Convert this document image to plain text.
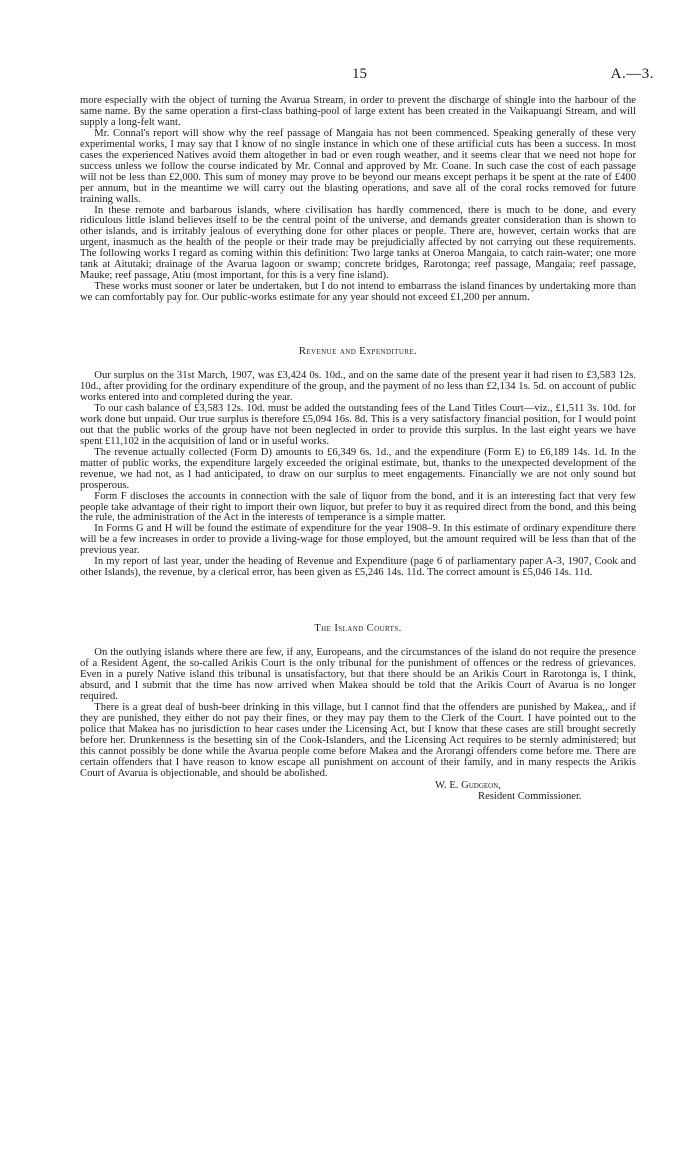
15	A.—3.

more especially with the object of turning the Avarua Stream, in order to prevent the discharge of shingle into the harbour of the same name. By the same operation a first-class bathing-pool of large extent has been created in the Vaikapuangi Stream, and will supply a long-felt want.

Mr. Connal's report will show why the reef passage of Mangaia has not been commenced. Speaking generally of these very experimental works, I may say that I know of no single instance in which one of these artificial cuts has been a success. In most cases the experienced Natives avoid them altogether in bad or even rough weather, and it seems clear that we need not hope for success unless we follow the course indicated by Mr. Connal and approved by Mr. Coane. In such case the cost of each passage will not be less than £2,000. This sum of money may prove to be beyond our means except perhaps it be spent at the rate of £400 per annum, but in the meantime we will carry out the blasting operations, and save all of the coral rocks removed for future training walls.

In these remote and barbarous islands, where civilisation has hardly commenced, there is much to be done, and every ridiculous little island believes itself to be the central point of the universe, and demands greater consideration than is shown to other islands, and is irritably jealous of everything done for other places or people. There are, however, certain works that are urgent, inasmuch as the health of the people or their trade may be prejudicially affected by not carrying out these requirements. The following works I regard as coming within this definition: Two large tanks at Oneroa Mangaia, to catch rain-water; one more tank at Aitutaki; drainage of the Avarua lagoon or swamp; concrete bridges, Rarotonga; reef passage, Mangaia; reef passage, Mauke; reef passage, Atiu (most important, for this is a very fine island).

These works must sooner or later be undertaken, but I do not intend to embarrass the island finances by undertaking more than we can comfortably pay for. Our public-works estimate for any year should not exceed £1,200 per annum.

Revenue and Expenditure.

Our surplus on the 31st March, 1907, was £3,424 0s. 10d., and on the same date of the present year it had risen to £3,583 12s. 10d., after providing for the ordinary expenditure of the group, and the payment of no less than £2,134 1s. 5d. on account of public works entered into and completed during the year.

To our cash balance of £3,583 12s. 10d. must be added the outstanding fees of the Land Titles Court—viz., £1,511 3s. 10d. for work done but unpaid. Our true surplus is therefore £5,094 16s. 8d. This is a very satisfactory financial position, for I would point out that the public works of the group have not been neglected in order to provide this surplus. In the last eight years we have spent £11,102 in the acquisition of land or in useful works.

The revenue actually collected (Form D) amounts to £6,349 6s. 1d., and the expenditure (Form E) to £6,189 14s. 1d. In the matter of public works, the expenditure largely exceeded the original estimate, but, thanks to the unexpected development of the revenue, we had not, as I had anticipated, to draw on our surplus to meet engagements. Financially we are not only sound but prosperous.

Form F discloses the accounts in connection with the sale of liquor from the bond, and it is an interesting fact that very few people take advantage of their right to import their own liquor, but prefer to buy it as required direct from the bond, and this being the rule, the administration of the Act in the interests of temperance is a simple matter.

In Forms G and H will be found the estimate of expenditure for the year 1908–9. In this estimate of ordinary expenditure there will be a few increases in order to provide a living-wage for those employed, but the amount required will be less than that of the previous year.

In my report of last year, under the heading of Revenue and Expenditure (page 6 of parliamentary paper A-3, 1907, Cook and other Islands), the revenue, by a clerical error, has been given as £5,246 14s. 11d. The correct amount is £5,046 14s. 11d.

The Island Courts.

On the outlying islands where there are few, if any, Europeans, and the circumstances of the island do not require the presence of a Resident Agent, the so-called Arikis Court is the only tribunal for the punishment of offences or the redress of grievances. Even in a purely Native island this tribunal is unsatisfactory, but that there should be an Arikis Court in Rarotonga is, I think, absurd, and I submit that the time has now arrived when Makea should be told that the Arikis Court of Avarua is no longer required.

There is a great deal of bush-beer drinking in this village, but I cannot find that the offenders are punished by Makea,, and if they are punished, they either do not pay their fines, or they may pay them to the Clerk of the Court. I have pointed out to the police that Makea has no jurisdiction to hear cases under the Licensing Act, but I know that these cases are still brought secretly before her. Drunkenness is the besetting sin of the Cook-Islanders, and the Licensing Act requires to be sternly administered; but this cannot possibly be done while the Avarua people come before Makea and the Arorangi offenders come before me. There are certain offenders that I have reason to know escape all punishment on account of their family, and in many respects the Arikis Court of Avarua is objectionable, and should be abolished.

W. E. Gudgeon,
Resident Commissioner.
